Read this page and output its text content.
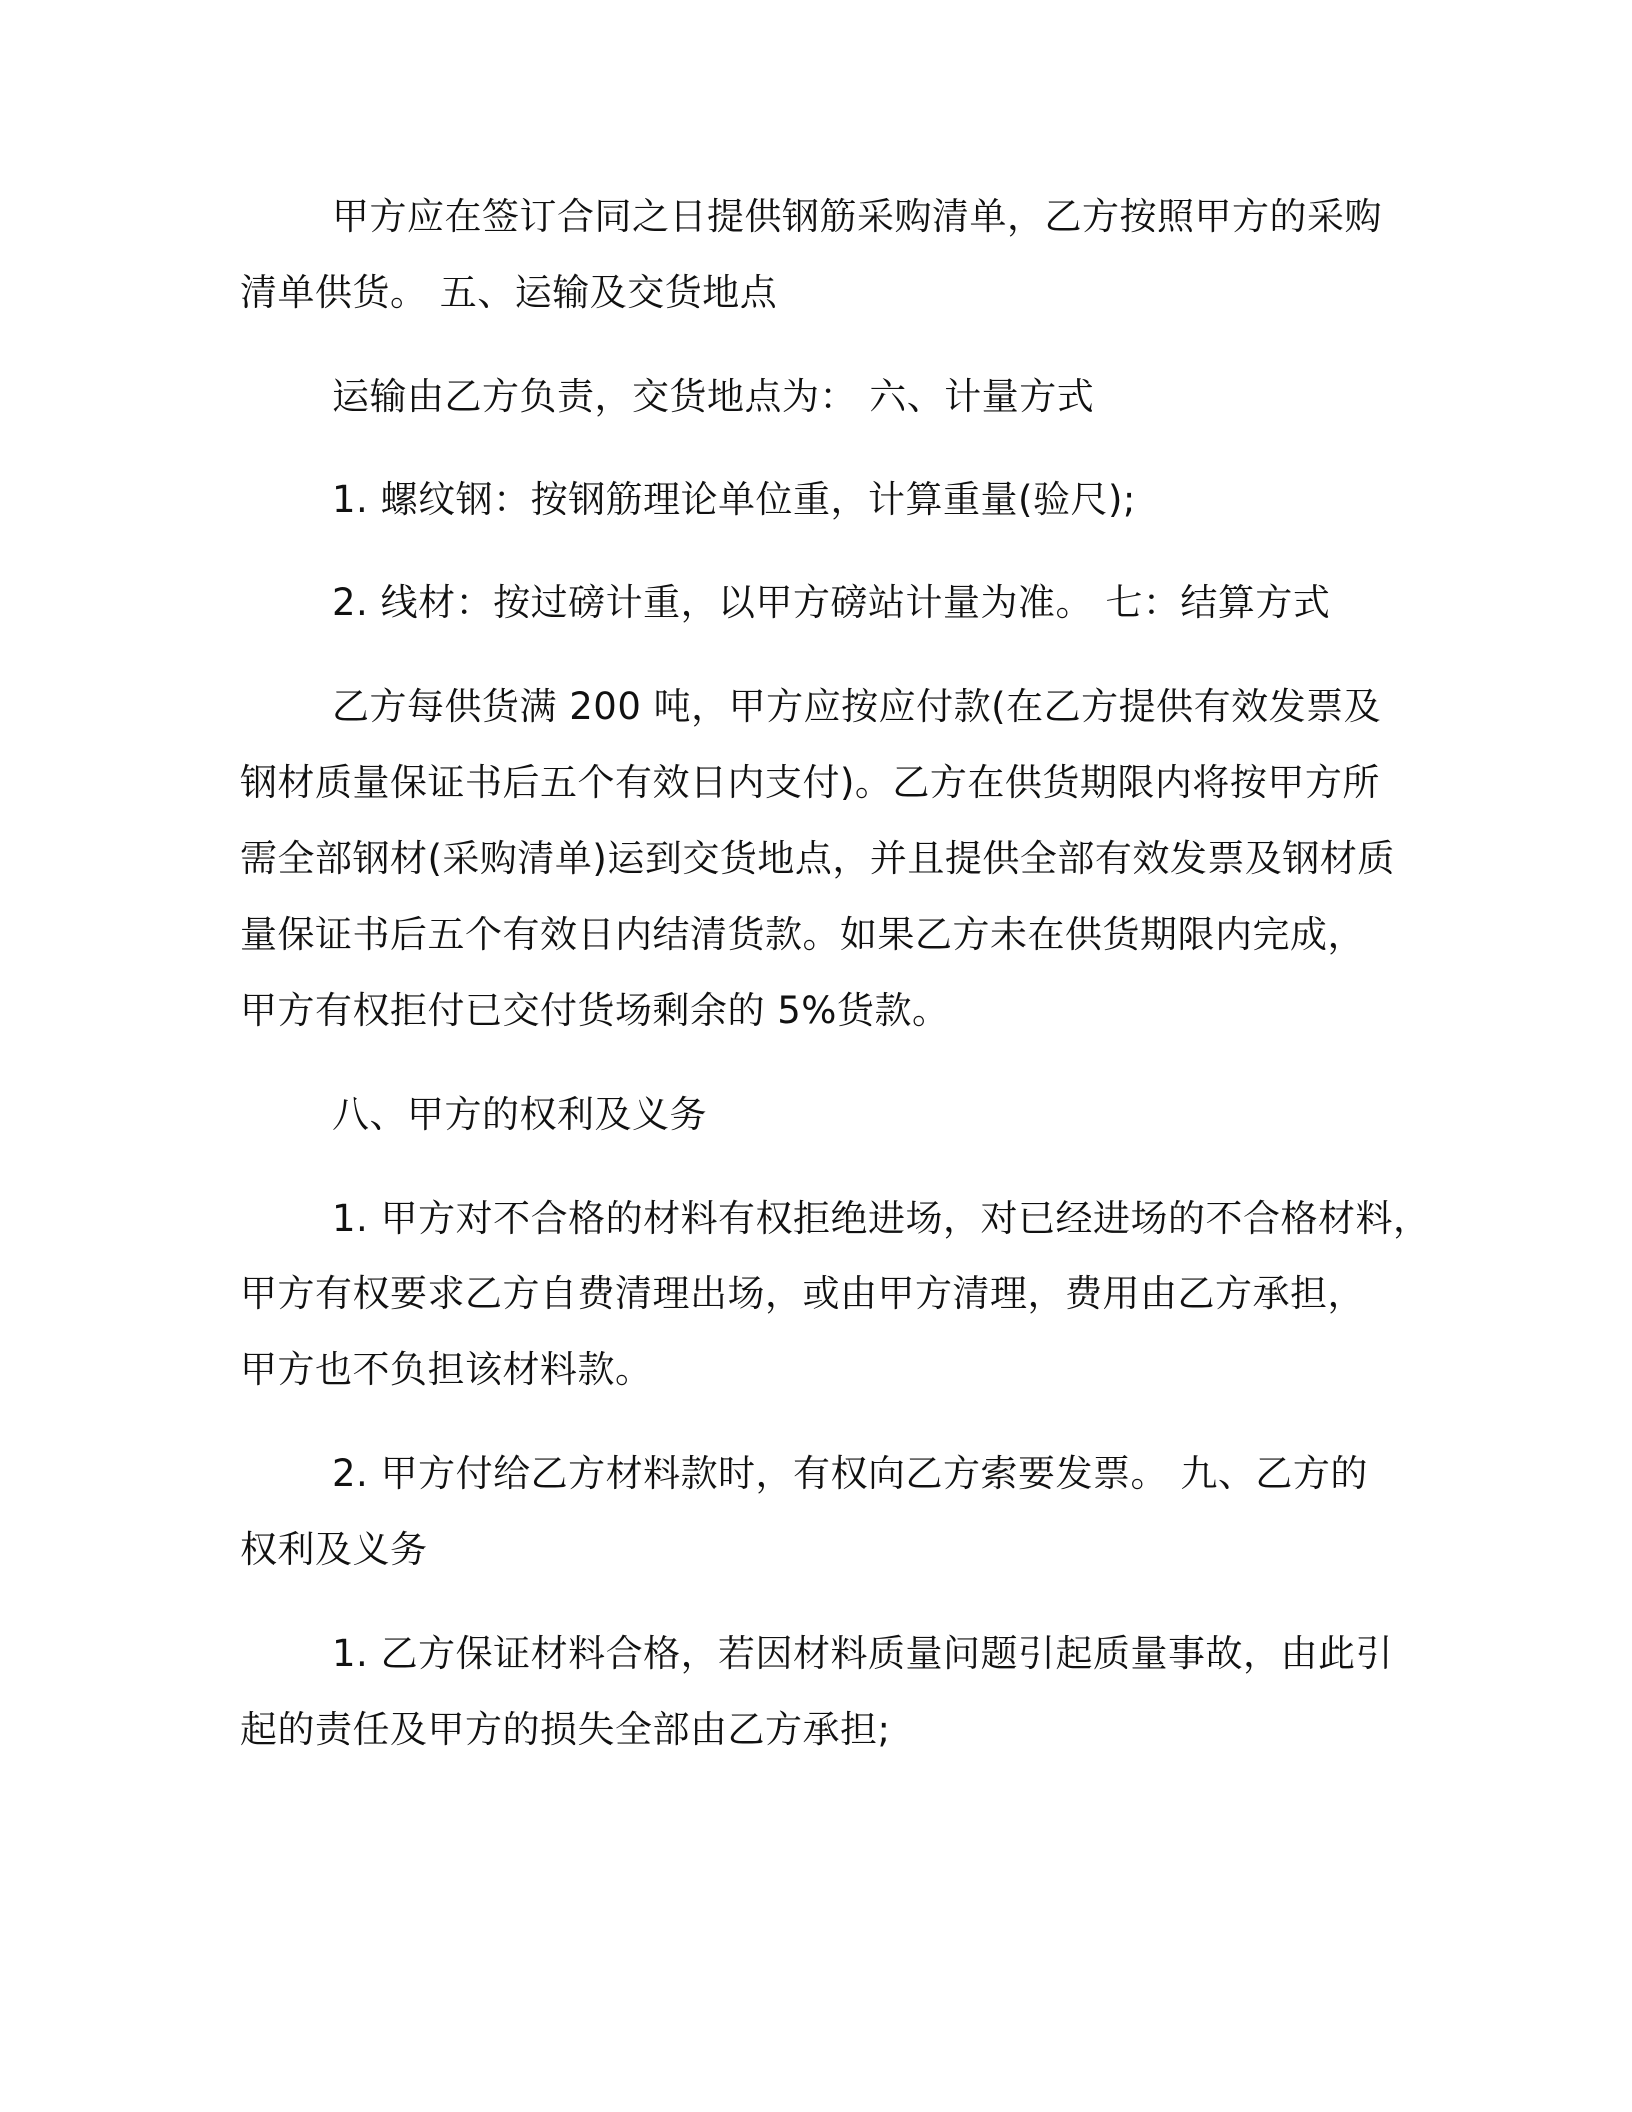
甲方应在签订合同之日提供钢筋采购清单，乙方按照甲方的采购
清单供货。 五、运输及交货地点
运输由乙方负责，交货地点为： 六、计量方式
1. 螺纹钢：按钢筋理论单位重，计算重量(验尺);
2. 线材：按过磅计重，以甲方磅站计量为准。 七：结算方式
乙方每供货满 200 吨，甲方应按应付款(在乙方提供有效发票及
钢材质量保证书后五个有效日内支付)。乙方在供货期限内将按甲方所
需全部钢材(采购清单)运到交货地点，并且提供全部有效发票及钢材质
量保证书后五个有效日内结清货款。如果乙方未在供货期限内完成，
甲方有权拒付已交付货场剩余的 5%货款。
八、甲方的权利及义务
1. 甲方对不合格的材料有权拒绝进场，对已经进场的不合格材料，
甲方有权要求乙方自费清理出场，或由甲方清理，费用由乙方承担，
甲方也不负担该材料款。
2. 甲方付给乙方材料款时，有权向乙方索要发票。 九、乙方的
权利及义务
1. 乙方保证材料合格，若因材料质量问题引起质量事故，由此引
起的责任及甲方的损失全部由乙方承担;
